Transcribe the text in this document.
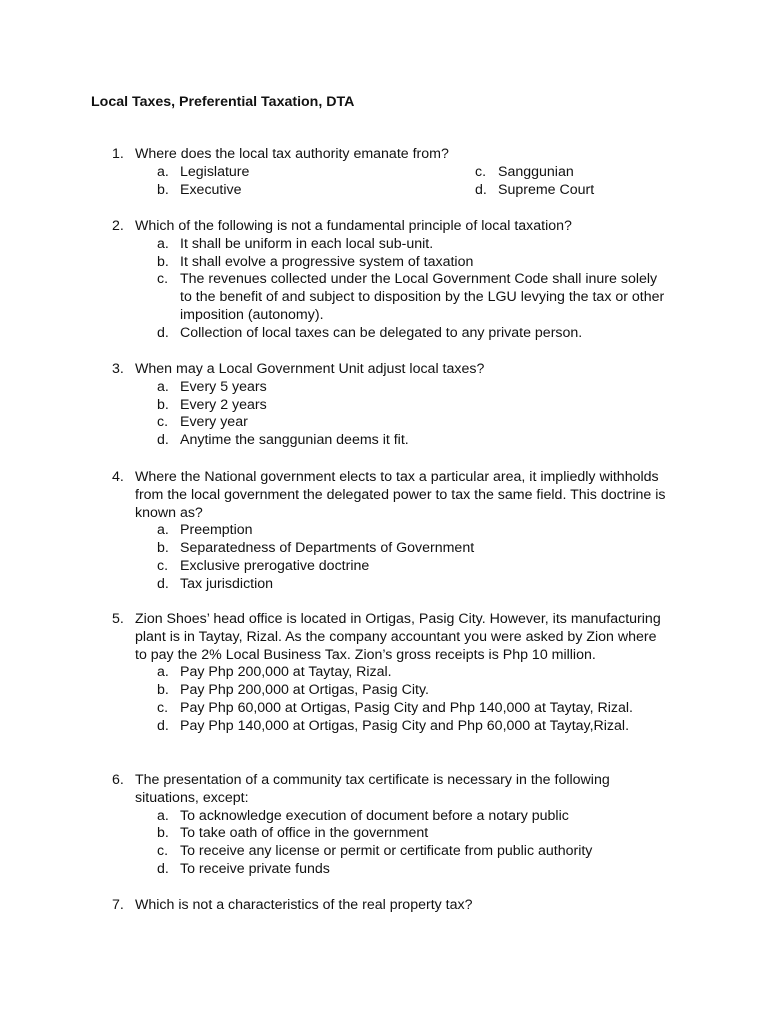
Local Taxes, Preferential Taxation, DTA
1. Where does the local tax authority emanate from?
a. Legislature	c. Sanggunian
b. Executive	d. Supreme Court
2. Which of the following is not a fundamental principle of local taxation?
a. It shall be uniform in each local sub-unit.
b. It shall evolve a progressive system of taxation
c. The revenues collected under the Local Government Code shall inure solely to the benefit of and subject to disposition by the LGU levying the tax or other imposition (autonomy).
d. Collection of local taxes can be delegated to any private person.
3. When may a Local Government Unit adjust local taxes?
a. Every 5 years
b. Every 2 years
c. Every year
d. Anytime the sanggunian deems it fit.
4. Where the National government elects to tax a particular area, it impliedly withholds from the local government the delegated power to tax the same field. This doctrine is known as?
a. Preemption
b. Separatedness of Departments of Government
c. Exclusive prerogative doctrine
d. Tax jurisdiction
5. Zion Shoes’ head office is located in Ortigas, Pasig City. However, its manufacturing plant is in Taytay, Rizal. As the company accountant you were asked by Zion where to pay the 2% Local Business Tax. Zion’s gross receipts is Php 10 million.
a. Pay Php 200,000 at Taytay, Rizal.
b. Pay Php 200,000 at Ortigas, Pasig City.
c. Pay Php 60,000 at Ortigas, Pasig City and Php 140,000 at Taytay, Rizal.
d. Pay Php 140,000 at Ortigas, Pasig City and Php 60,000 at Taytay,Rizal.
6. The presentation of a community tax certificate is necessary in the following situations, except:
a. To acknowledge execution of document before a notary public
b. To take oath of office in the government
c. To receive any license or permit or certificate from public authority
d. To receive private funds
7. Which is not a characteristics of the real property tax?
